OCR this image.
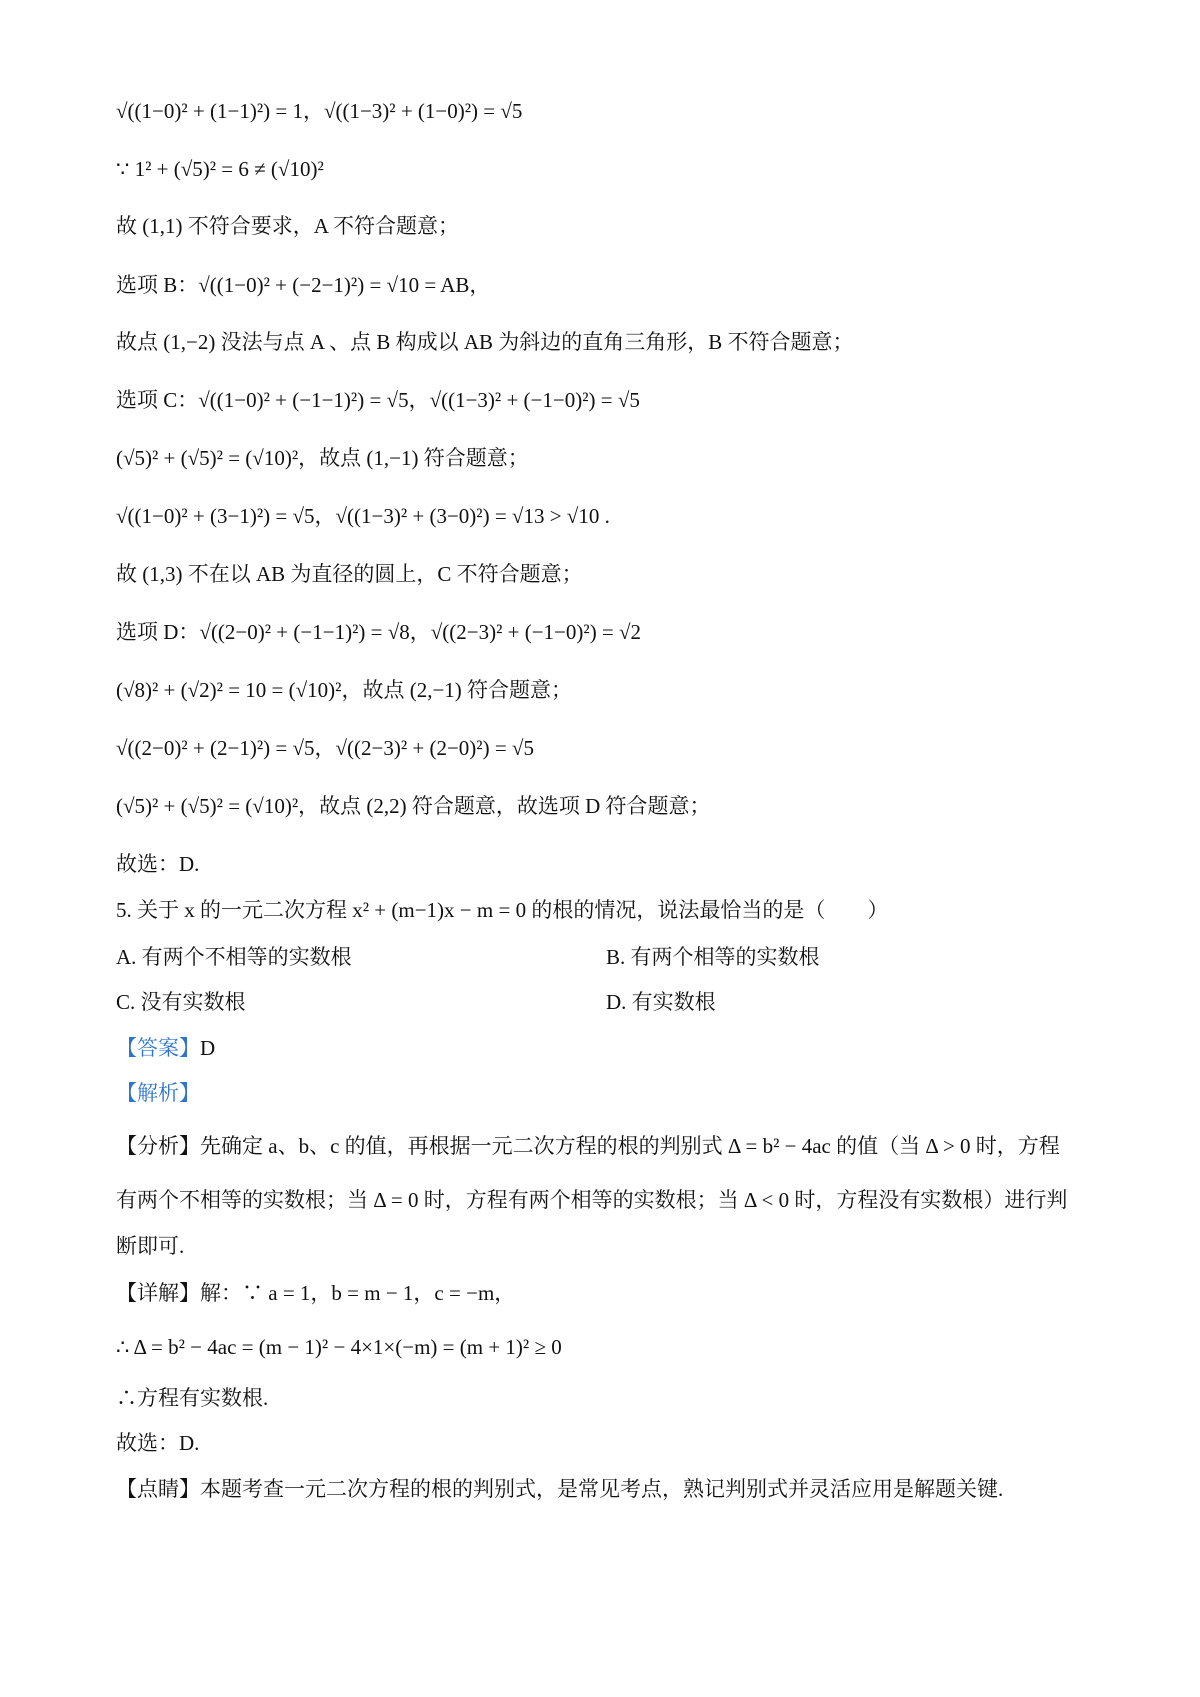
√((1−0)² + (1−1)²) = 1，√((1−3)² + (1−0)²) = √5
∵ 1² + (√5)² = 6 ≠ (√10)²
故 (1,1) 不符合要求，A 不符合题意；
选项 B：√((1−0)² + (−2−1)²) = √10 = AB，
故点 (1,−2) 没法与点 A 、点 B 构成以 AB 为斜边的直角三角形，B 不符合题意；
选项 C：√((1−0)² + (−1−1)²) = √5，√((1−3)² + (−1−0)²) = √5
(√5)² + (√5)² = (√10)²，故点 (1,−1) 符合题意；
√((1−0)² + (3−1)²) = √5，√((1−3)² + (3−0)²) = √13 > √10 .
故 (1,3) 不在以 AB 为直径的圆上，C 不符合题意；
选项 D：√((2−0)² + (−1−1)²) = √8，√((2−3)² + (−1−0)²) = √2
(√8)² + (√2)² = 10 = (√10)²，故点 (2,−1) 符合题意；
√((2−0)² + (2−1)²) = √5，√((2−3)² + (2−0)²) = √5
(√5)² + (√5)² = (√10)²，故点 (2,2) 符合题意，故选项 D 符合题意；
故选：D.
5. 关于 x 的一元二次方程 x² + (m−1)x − m = 0 的根的情况，说法最恰当的是（　　）
A. 有两个不相等的实数根	B. 有两个相等的实数根
C. 没有实数根	D. 有实数根
【答案】D
【解析】
【分析】先确定 a、b、c 的值，再根据一元二次方程的根的判别式 Δ = b² − 4ac 的值（当 Δ > 0 时，方程
有两个不相等的实数根；当 Δ = 0 时，方程有两个相等的实数根；当 Δ < 0 时，方程没有实数根）进行判
断即可.
【详解】解：∵ a = 1，b = m − 1，c = −m，
∴ Δ = b² − 4ac = (m − 1)² − 4×1×(−m) = (m + 1)² ≥ 0
∴方程有实数根.
故选：D.
【点睛】本题考查一元二次方程的根的判别式，是常见考点，熟记判别式并灵活应用是解题关键.
